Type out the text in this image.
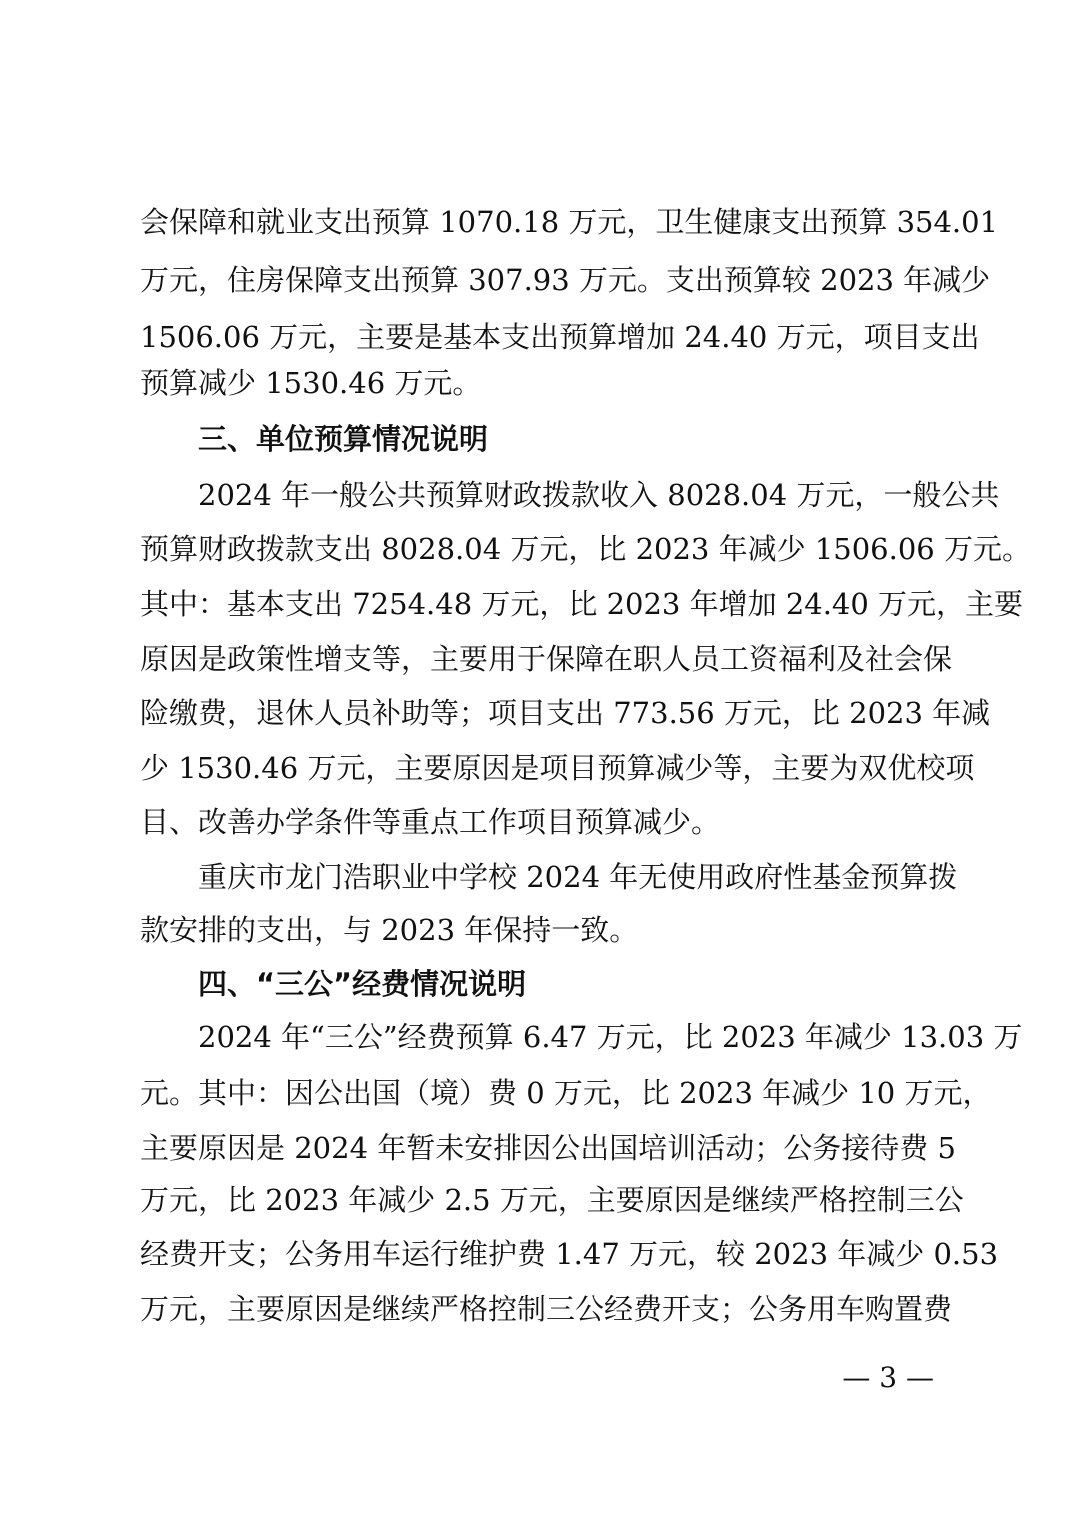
会保障和就业支出预算 1070.18 万元，卫生健康支出预算 354.01
万元，住房保障支出预算 307.93 万元。支出预算较 2023 年减少
1506.06 万元，主要是基本支出预算增加 24.40 万元，项目支出
预算减少 1530.46 万元。
三、单位预算情况说明
2024 年一般公共预算财政拨款收入 8028.04 万元，一般公共
预算财政拨款支出 8028.04 万元，比 2023 年减少 1506.06 万元。
其中：基本支出 7254.48 万元，比 2023 年增加 24.40 万元，主要
原因是政策性增支等，主要用于保障在职人员工资福利及社会保
险缴费，退休人员补助等；项目支出 773.56 万元，比 2023 年减
少 1530.46 万元，主要原因是项目预算减少等，主要为双优校项
目、改善办学条件等重点工作项目预算减少。
重庆市龙门浩职业中学校 2024 年无使用政府性基金预算拨
款安排的支出，与 2023 年保持一致。
四、“三公”经费情况说明
2024 年“三公”经费预算 6.47 万元，比 2023 年减少 13.03 万
元。其中：因公出国（境）费 0 万元，比 2023 年减少 10 万元，
主要原因是 2024 年暂未安排因公出国培训活动；公务接待费 5
万元，比 2023 年减少 2.5 万元，主要原因是继续严格控制三公
经费开支；公务用车运行维护费 1.47 万元，较 2023 年减少 0.53
万元，主要原因是继续严格控制三公经费开支；公务用车购置费
— 3 —
